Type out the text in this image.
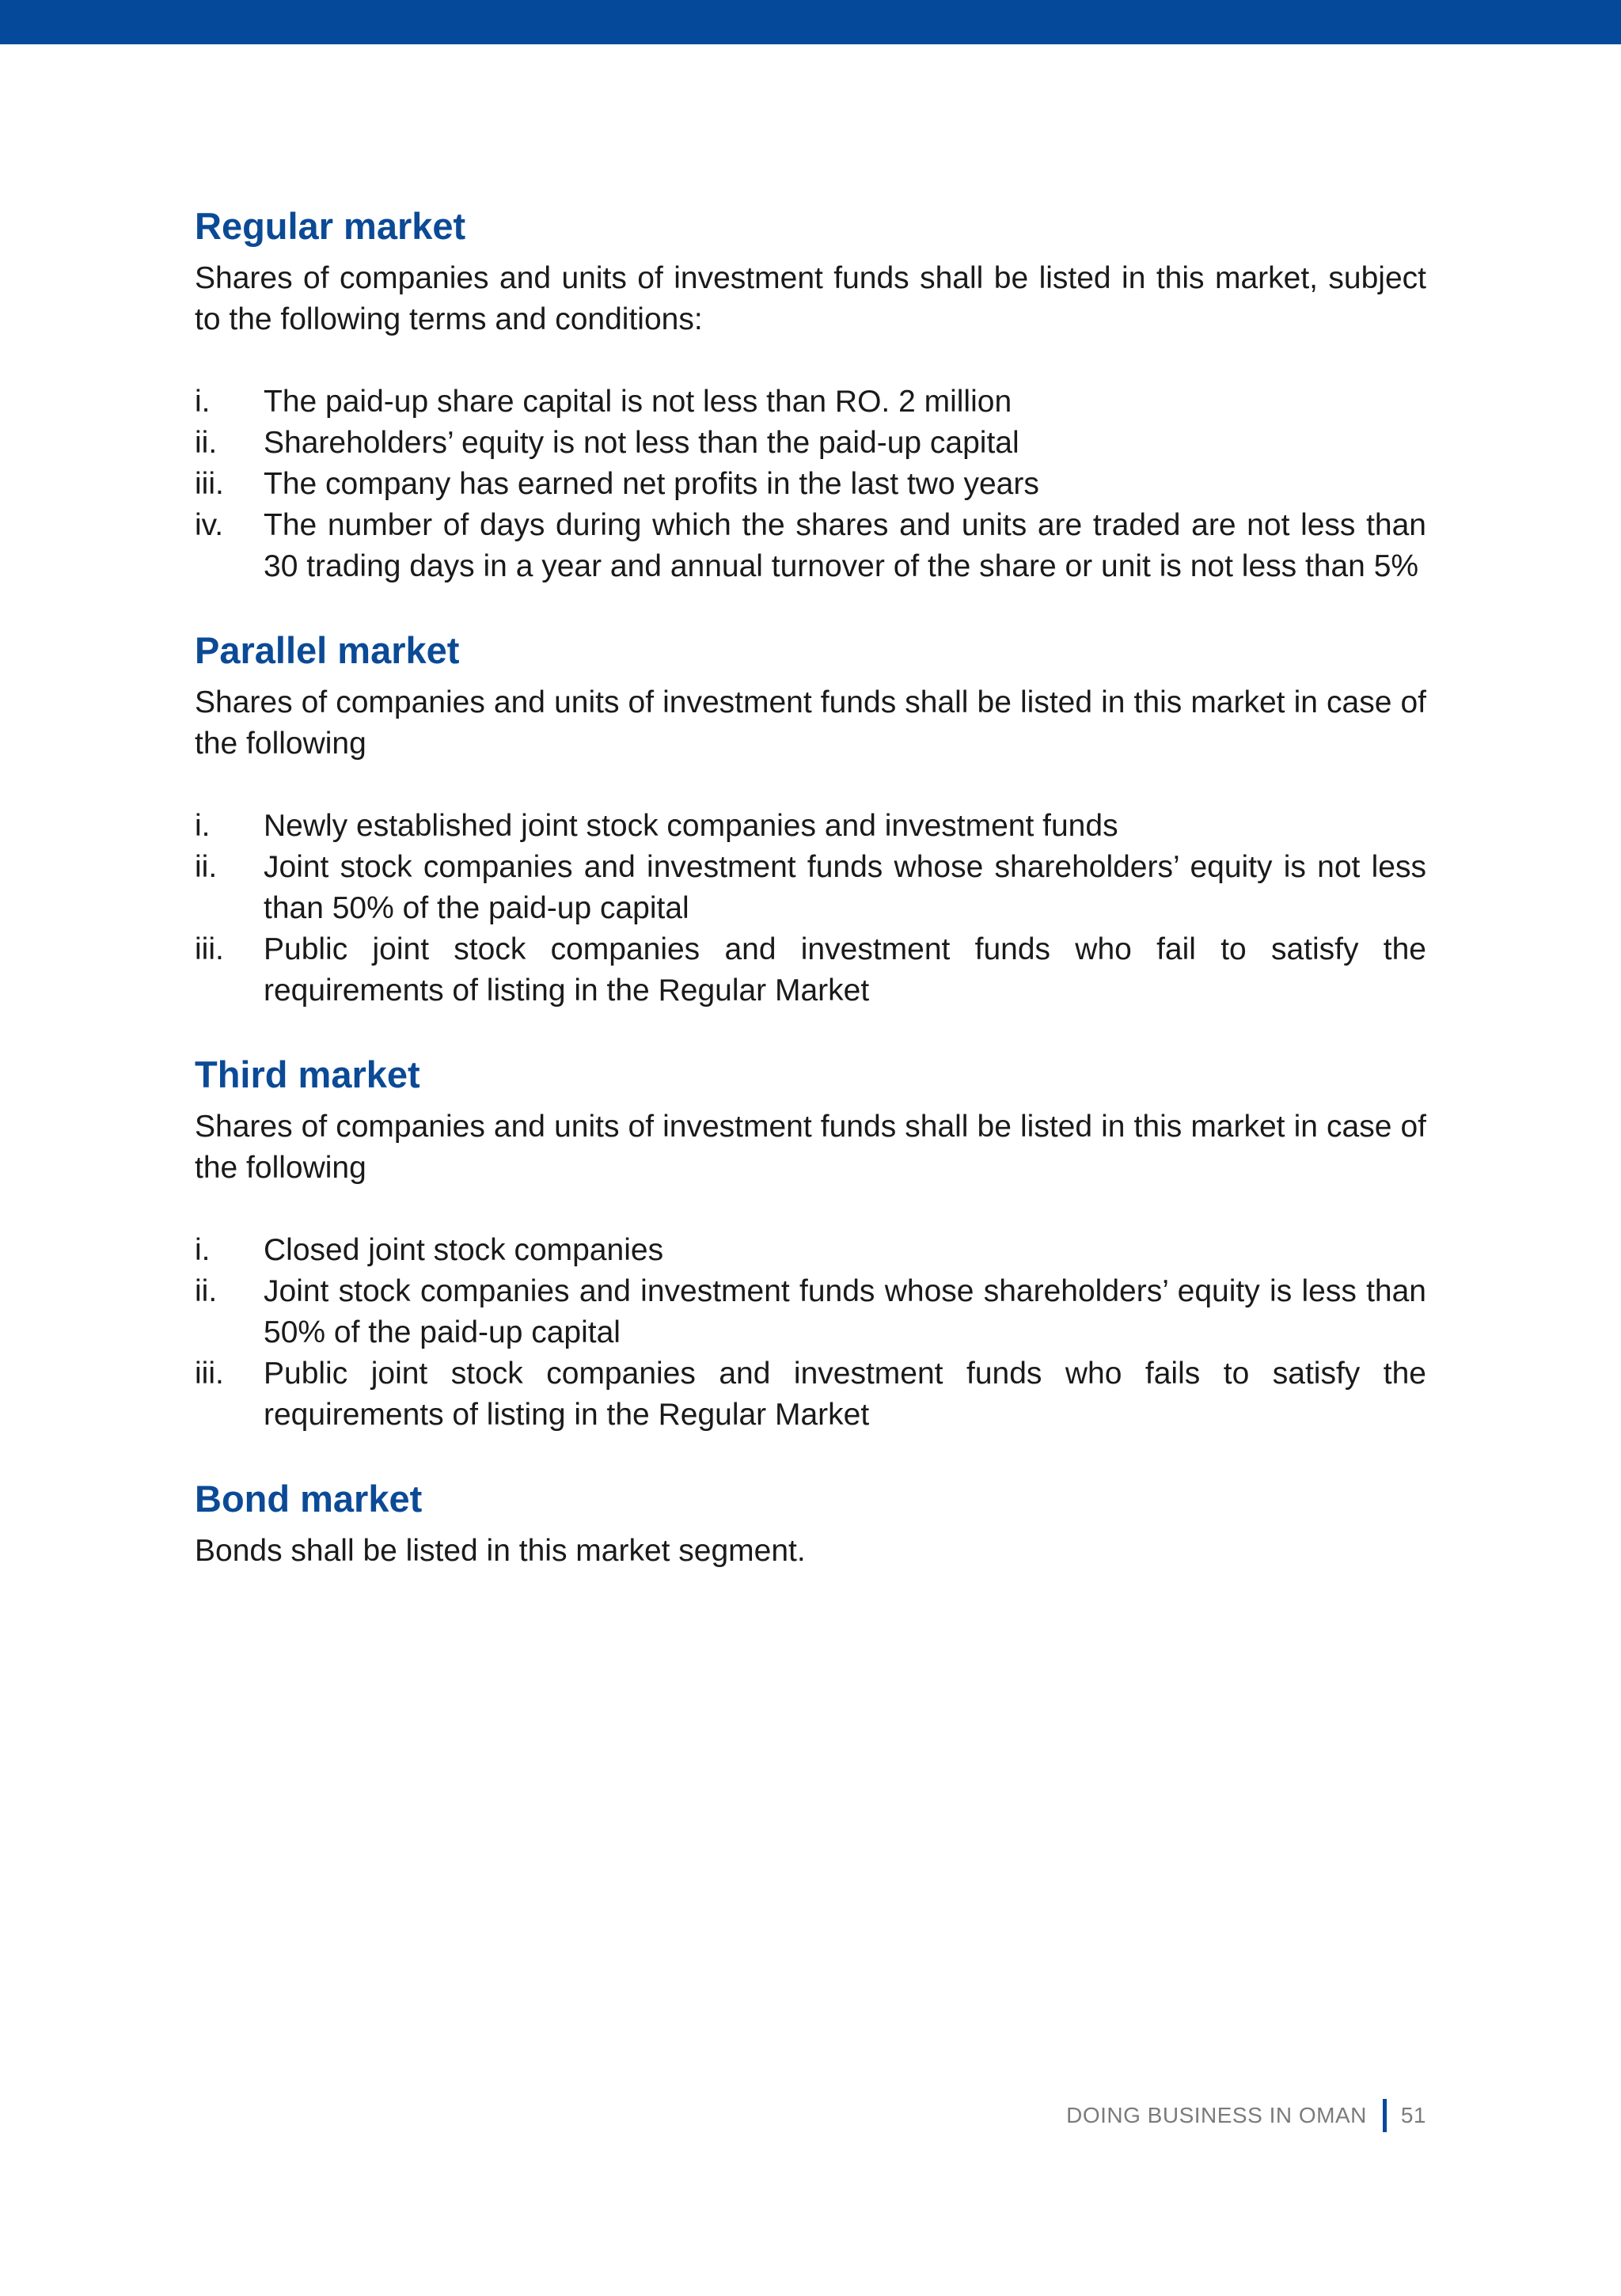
Regular market

Shares of companies and units of investment funds shall be listed in this market, subject to the following terms and conditions:

i.	The paid-up share capital is not less than RO. 2 million
ii.	Shareholders’ equity is not less than the paid-up capital
iii.	The company has earned net profits in the last two years
iv.	The number of days during which the shares and units are traded are not less than 30 trading days in a year and annual turnover of the share or unit is not less than 5%
Parallel market

Shares of companies and units of investment funds shall be listed in this market in case of the following

i.	Newly established joint stock companies and investment funds
ii.	Joint stock companies and investment funds whose shareholders’ equity is not less than 50% of the paid-up capital
iii.	Public joint stock companies and investment funds who fail to satisfy the requirements of listing in the Regular Market
Third market

Shares of companies and units of investment funds shall be listed in this market in case of the following

i.	Closed joint stock companies
ii.	Joint stock companies and investment funds whose shareholders’ equity is less than 50% of the paid-up capital
iii.	Public joint stock companies and investment funds who fails to satisfy the requirements of listing in the Regular Market
Bond market

Bonds shall be listed in this market segment.

DOING BUSINESS IN OMAN 51
